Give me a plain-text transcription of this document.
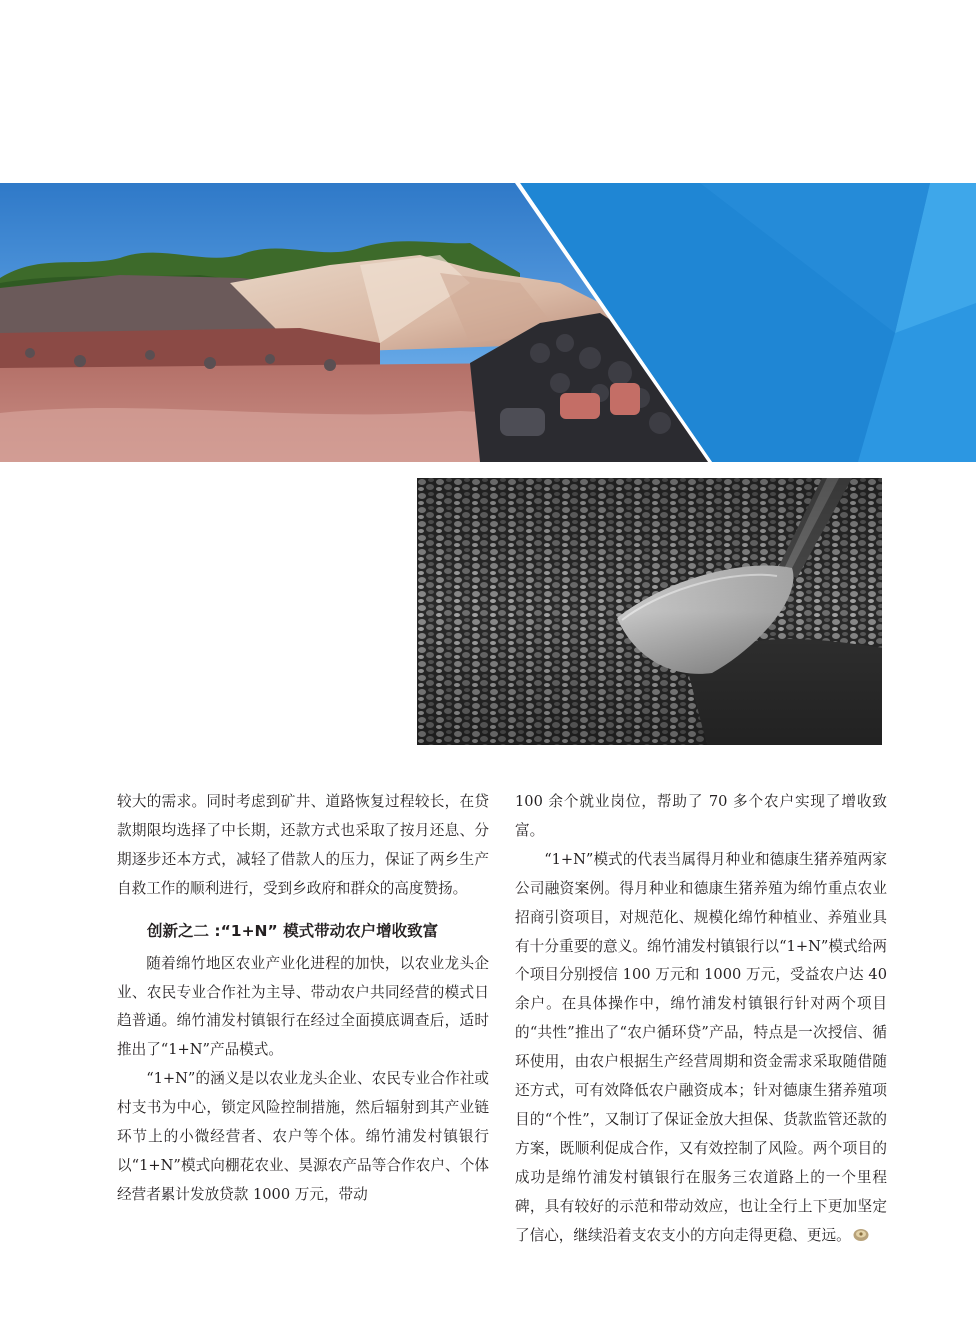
较大的需求。同时考虑到矿井、道路恢复过程较长，在贷款期限均选择了中长期，还款方式也采取了按月还息、分期逐步还本方式，减轻了借款人的压力，保证了两乡生产自救工作的顺利进行，受到乡政府和群众的高度赞扬。

创新之二 :“1+N” 模式带动农户增收致富

随着绵竹地区农业产业化进程的加快，以农业龙头企业、农民专业合作社为主导、带动农户共同经营的模式日趋普通。绵竹浦发村镇银行在经过全面摸底调查后，适时推出了“1+N”产品模式。

“1+N”的涵义是以农业龙头企业、农民专业合作社或村支书为中心，锁定风险控制措施，然后辐射到其产业链环节上的小微经营者、农户等个体。绵竹浦发村镇银行以“1+N”模式向棚花农业、昊源农产品等合作农户、个体经营者累计发放贷款 1000 万元，带动

100 余个就业岗位，帮助了 70 多个农户实现了增收致富。

“1+N”模式的代表当属得月种业和德康生猪养殖两家公司融资案例。得月种业和德康生猪养殖为绵竹重点农业招商引资项目，对规范化、规模化绵竹种植业、养殖业具有十分重要的意义。绵竹浦发村镇银行以“1+N”模式给两个项目分别授信 100 万元和 1000 万元，受益农户达 40 余户。在具体操作中，绵竹浦发村镇银行针对两个项目的“共性”推出了“农户循环贷”产品，特点是一次授信、循环使用，由农户根据生产经营周期和资金需求采取随借随还方式，可有效降低农户融资成本；针对德康生猪养殖项目的“个性”，又制订了保证金放大担保、货款监管还款的方案，既顺利促成合作，又有效控制了风险。两个项目的成功是绵竹浦发村镇银行在服务三农道路上的一个里程碑，具有较好的示范和带动效应，也让全行上下更加坚定了信心，继续沿着支农支小的方向走得更稳、更远。
